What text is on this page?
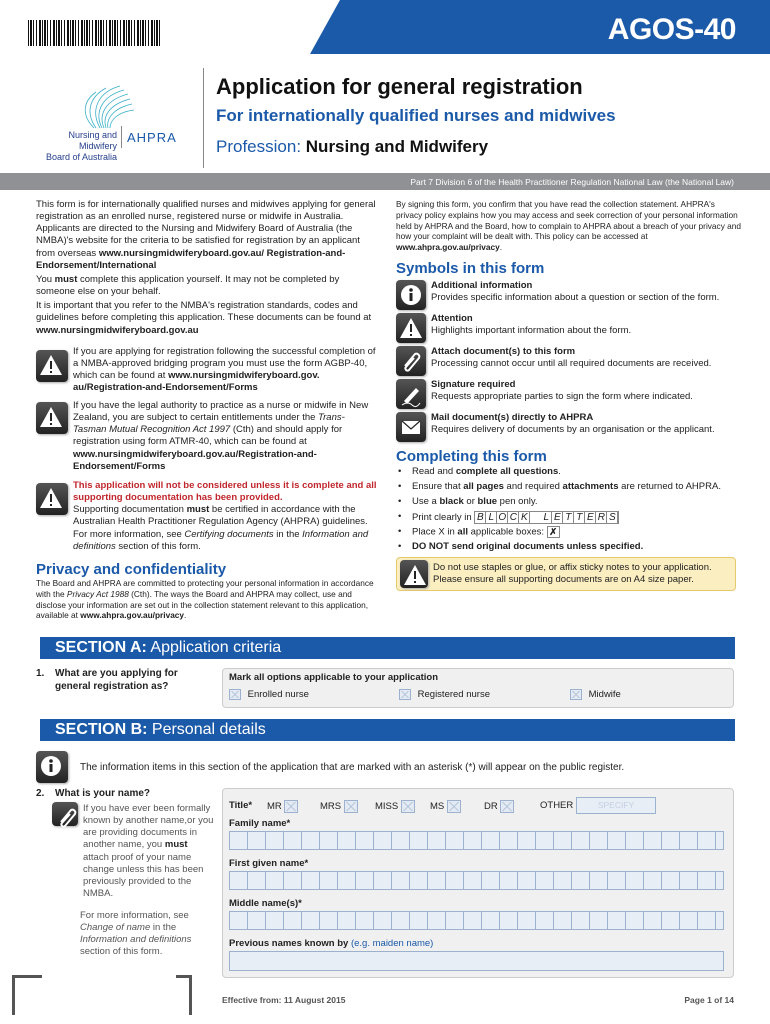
AGOS-40
Nursing and Midwifery
Board of Australia
AHPRA
Application for general registration
For internationally qualified nurses and midwives
Profession: Nursing and Midwifery
Part 7 Division 6 of the Health Practitioner Regulation National Law (the National Law)
This form is for internationally qualified nurses and midwives applying for general registration as an enrolled nurse, registered nurse or midwife in Australia. Applicants are directed to the Nursing and Midwifery Board of Australia (the NMBA)'s website for the criteria to be satisfied for registration by an applicant from overseas www.nursingmidwiferyboard.gov.au/ Registration-and-Endorsement/International
You must complete this application yourself. It may not be completed by someone else on your behalf.
It is important that you refer to the NMBA's registration standards, codes and guidelines before completing this application. These documents can be found at www.nursingmidwiferyboard.gov.au
If you are applying for registration following the successful completion of a NMBA-approved bridging program you must use the form AGBP-40, which can be found at www.nursingmidwiferyboard.gov. au/Registration-and-Endorsement/Forms
If you have the legal authority to practice as a nurse or midwife in New Zealand, you are subject to certain entitlements under the Trans-Tasman Mutual Recognition Act 1997 (Cth) and should apply for registration using form ATMR-40, which can be found at www.nursingmidwiferyboard.gov.au/Registration-and-Endorsement/Forms
This application will not be considered unless it is complete and all supporting documentation has been provided.
Supporting documentation must be certified in accordance with the Australian Health Practitioner Regulation Agency (AHPRA) guidelines. For more information, see Certifying documents in the Information and definitions section of this form.
Privacy and confidentiality
The Board and AHPRA are committed to protecting your personal information in accordance with the Privacy Act 1988 (Cth). The ways the Board and AHPRA may collect, use and disclose your information are set out in the collection statement relevant to this application, available at www.ahpra.gov.au/privacy.
By signing this form, you confirm that you have read the collection statement. AHPRA's privacy policy explains how you may access and seek correction of your personal information held by AHPRA and the Board, how to complain to AHPRA about a breach of your privacy and how your complaint will be dealt with. This policy can be accessed at www.ahpra.gov.au/privacy.
Symbols in this form
Additional information
Provides specific information about a question or section of the form.
Attention
Highlights important information about the form.
Attach document(s) to this form
Processing cannot occur until all required documents are received.
Signature required
Requests appropriate parties to sign the form where indicated.
Mail document(s) directly to AHPRA
Requires delivery of documents by an organisation or the applicant.
Completing this form
• Read and complete all questions.
• Ensure that all pages and required attachments are returned to AHPRA.
• Use a black or blue pen only.
• Print clearly in B L O C K L E T T E R S
• Place X in all applicable boxes: ✗
• DO NOT send original documents unless specified.
Do not use staples or glue, or affix sticky notes to your application. Please ensure all supporting documents are on A4 size paper.
SECTION A: Application criteria
1. What are you applying for general registration as?
Mark all options applicable to your application
Enrolled nurse	Registered nurse	Midwife
SECTION B: Personal details
The information items in this section of the application that are marked with an asterisk (*) will appear on the public register.
2. What is your name?
If you have ever been formally known by another name,or you are providing documents in another name, you must attach proof of your name change unless this has been previously provided to the NMBA.
For more information, see Change of name in the Information and definitions section of this form.
Title* MR	MRS	MISS	MS	DR	OTHER	SPECIFY
Family name*
First given name*
Middle name(s)*
Previous names known by (e.g. maiden name)
Effective from: 11 August 2015	Page 1 of 14
